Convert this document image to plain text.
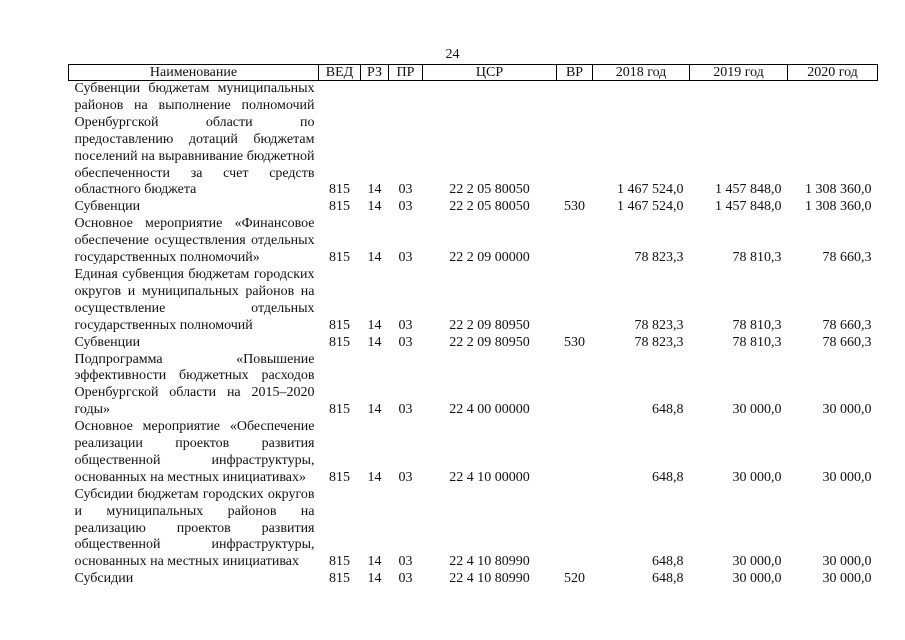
24
Наименование	ВЕД	РЗ	ПР	ЦСР	ВР	2018 год	2019 год	2020 год
Субвенции бюджетам муниципальных районов на выполнение полномочий Оренбургской области по предоставлению дотаций бюджетам поселений на выравнивание бюджетной обеспеченности за счет средств областного бюджета	815	14	03	22 2 05 80050		1 467 524,0	1 457 848,0	1 308 360,0
Субвенции	815	14	03	22 2 05 80050	530	1 467 524,0	1 457 848,0	1 308 360,0
Основное мероприятие «Финансовое обеспечение осуществления отдельных государственных полномочий»	815	14	03	22 2 09 00000		78 823,3	78 810,3	78 660,3
Единая субвенция бюджетам городских округов и муниципальных районов на осуществление отдельных государственных полномочий	815	14	03	22 2 09 80950		78 823,3	78 810,3	78 660,3
Субвенции	815	14	03	22 2 09 80950	530	78 823,3	78 810,3	78 660,3
Подпрограмма «Повышение эффективности бюджетных расходов Оренбургской области на 2015–2020 годы»	815	14	03	22 4 00 00000		648,8	30 000,0	30 000,0
Основное мероприятие «Обеспечение реализации проектов развития общественной инфраструктуры, основанных на местных инициативах»	815	14	03	22 4 10 00000		648,8	30 000,0	30 000,0
Субсидии бюджетам городских округов и муниципальных районов на реализацию проектов развития общественной инфраструктуры, основанных на местных инициативах	815	14	03	22 4 10 80990		648,8	30 000,0	30 000,0
Субсидии	815	14	03	22 4 10 80990	520	648,8	30 000,0	30 000,0
